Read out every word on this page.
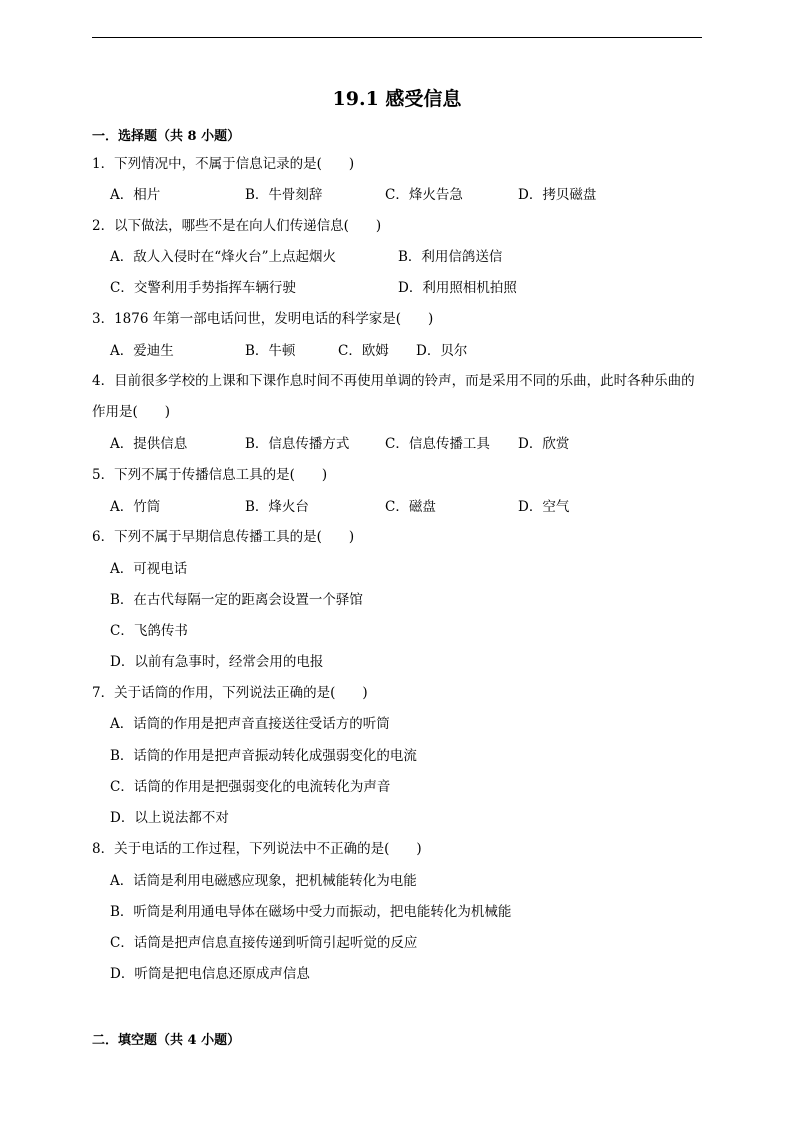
19.1 感受信息
一．选择题（共 8 小题）
1．下列情况中，不属于信息记录的是(　　)
A．相片	B．牛骨刻辞	C．烽火告急	D．拷贝磁盘
2．以下做法，哪些不是在向人们传递信息(　　)
A．敌人入侵时在“烽火台”上点起烟火	B．利用信鸽送信
C．交警利用手势指挥车辆行驶	D．利用照相机拍照
3．1876 年第一部电话问世，发明电话的科学家是(　　)
A．爱迪生	B．牛顿	C．欧姆 D．贝尔
4．目前很多学校的上课和下课作息时间不再使用单调的铃声，而是采用不同的乐曲，此时各种乐曲的作用是(　　)
A．提供信息	B．信息传播方式	C．信息传播工具 D．欣赏
5．下列不属于传播信息工具的是(　　)
A．竹筒	B．烽火台	C．磁盘	D．空气
6．下列不属于早期信息传播工具的是(　　)
A．可视电话
B．在古代每隔一定的距离会设置一个驿馆
C．飞鸽传书
D．以前有急事时，经常会用的电报
7．关于话筒的作用，下列说法正确的是(　　)
A．话筒的作用是把声音直接送往受话方的听筒
B．话筒的作用是把声音振动转化成强弱变化的电流
C．话筒的作用是把强弱变化的电流转化为声音
D．以上说法都不对
8．关于电话的工作过程，下列说法中不正确的是(　　)
A．话筒是利用电磁感应现象，把机械能转化为电能
B．听筒是利用通电导体在磁场中受力而振动，把电能转化为机械能
C．话筒是把声信息直接传递到听筒引起听觉的反应
D．听筒是把电信息还原成声信息
二．填空题（共 4 小题）
